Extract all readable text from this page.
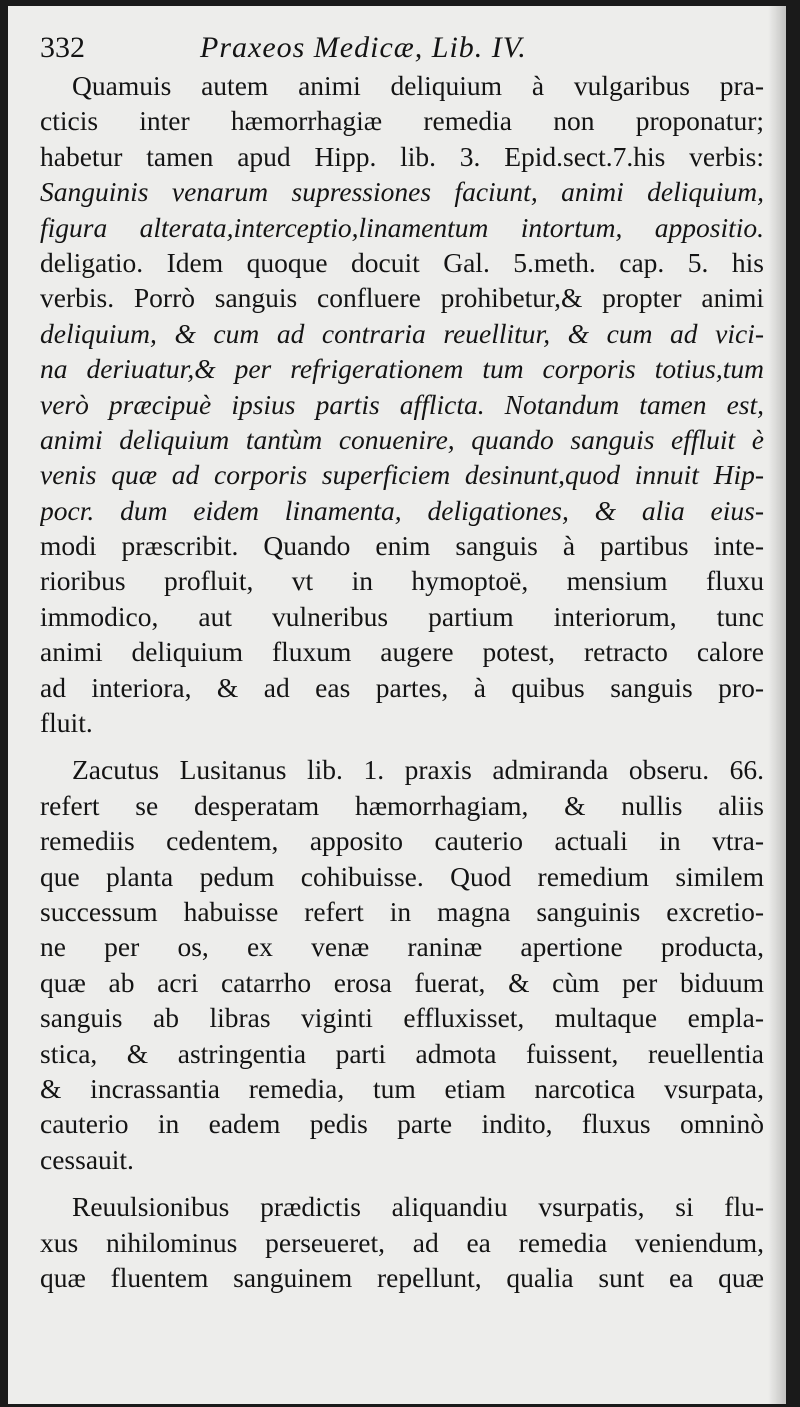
332	Praxeos Medicæ, Lib. IV.
Quamuis autem animi deliquium à vulgaribus pra-
cticis inter hæmorrhagiæ remedia non proponatur;
habetur tamen apud Hipp. lib. 3. Epid.sect.7.his verbis:
Sanguinis venarum supressiones faciunt, animi deliquium,
figura alterata,interceptio,linamentum intortum, appositio.
deligatio. Idem quoque docuit Gal. 5.meth. cap. 5. his
verbis. Porrò sanguis confluere prohibetur,& propter animi
deliquium, & cum ad contraria reuellitur, & cum ad vici-
na deriuatur,& per refrigerationem tum corporis totius,tum
verò præcipuè ipsius partis afflicta. Notandum tamen est,
animi deliquium tantùm conuenire, quando sanguis effluit è
venis quæ ad corporis superficiem desinunt,quod innuit Hip-
pocr. dum eidem linamenta, deligationes, & alia eius-
modi præscribit. Quando enim sanguis à partibus inte-
rioribus profluit, vt in hymoptoë, mensium fluxu
immodico, aut vulneribus partium interiorum, tunc
animi deliquium fluxum augere potest, retracto calore
ad interiora, & ad eas partes, à quibus sanguis pro-
fluit.
Zacutus Lusitanus lib. 1. praxis admiranda obseru. 66.
refert se desperatam hæmorrhagiam, & nullis aliis
remediis cedentem, apposito cauterio actuali in vtra-
que planta pedum cohibuisse. Quod remedium similem
successum habuisse refert in magna sanguinis excretio-
ne per os, ex venæ raninæ apertione producta,
quæ ab acri catarrho erosa fuerat, & cùm per biduum
sanguis ab libras viginti effluxisset, multaque empla-
stica, & astringentia parti admota fuissent, reuellentia
& incrassantia remedia, tum etiam narcotica vsurpata,
cauterio in eadem pedis parte indito, fluxus omninò
cessauit.
Reuulsionibus prædictis aliquandiu vsurpatis, si flu-
xus nihilominus perseueret, ad ea remedia veniendum,
quæ fluentem sanguinem repellunt, qualia sunt ea quæ
